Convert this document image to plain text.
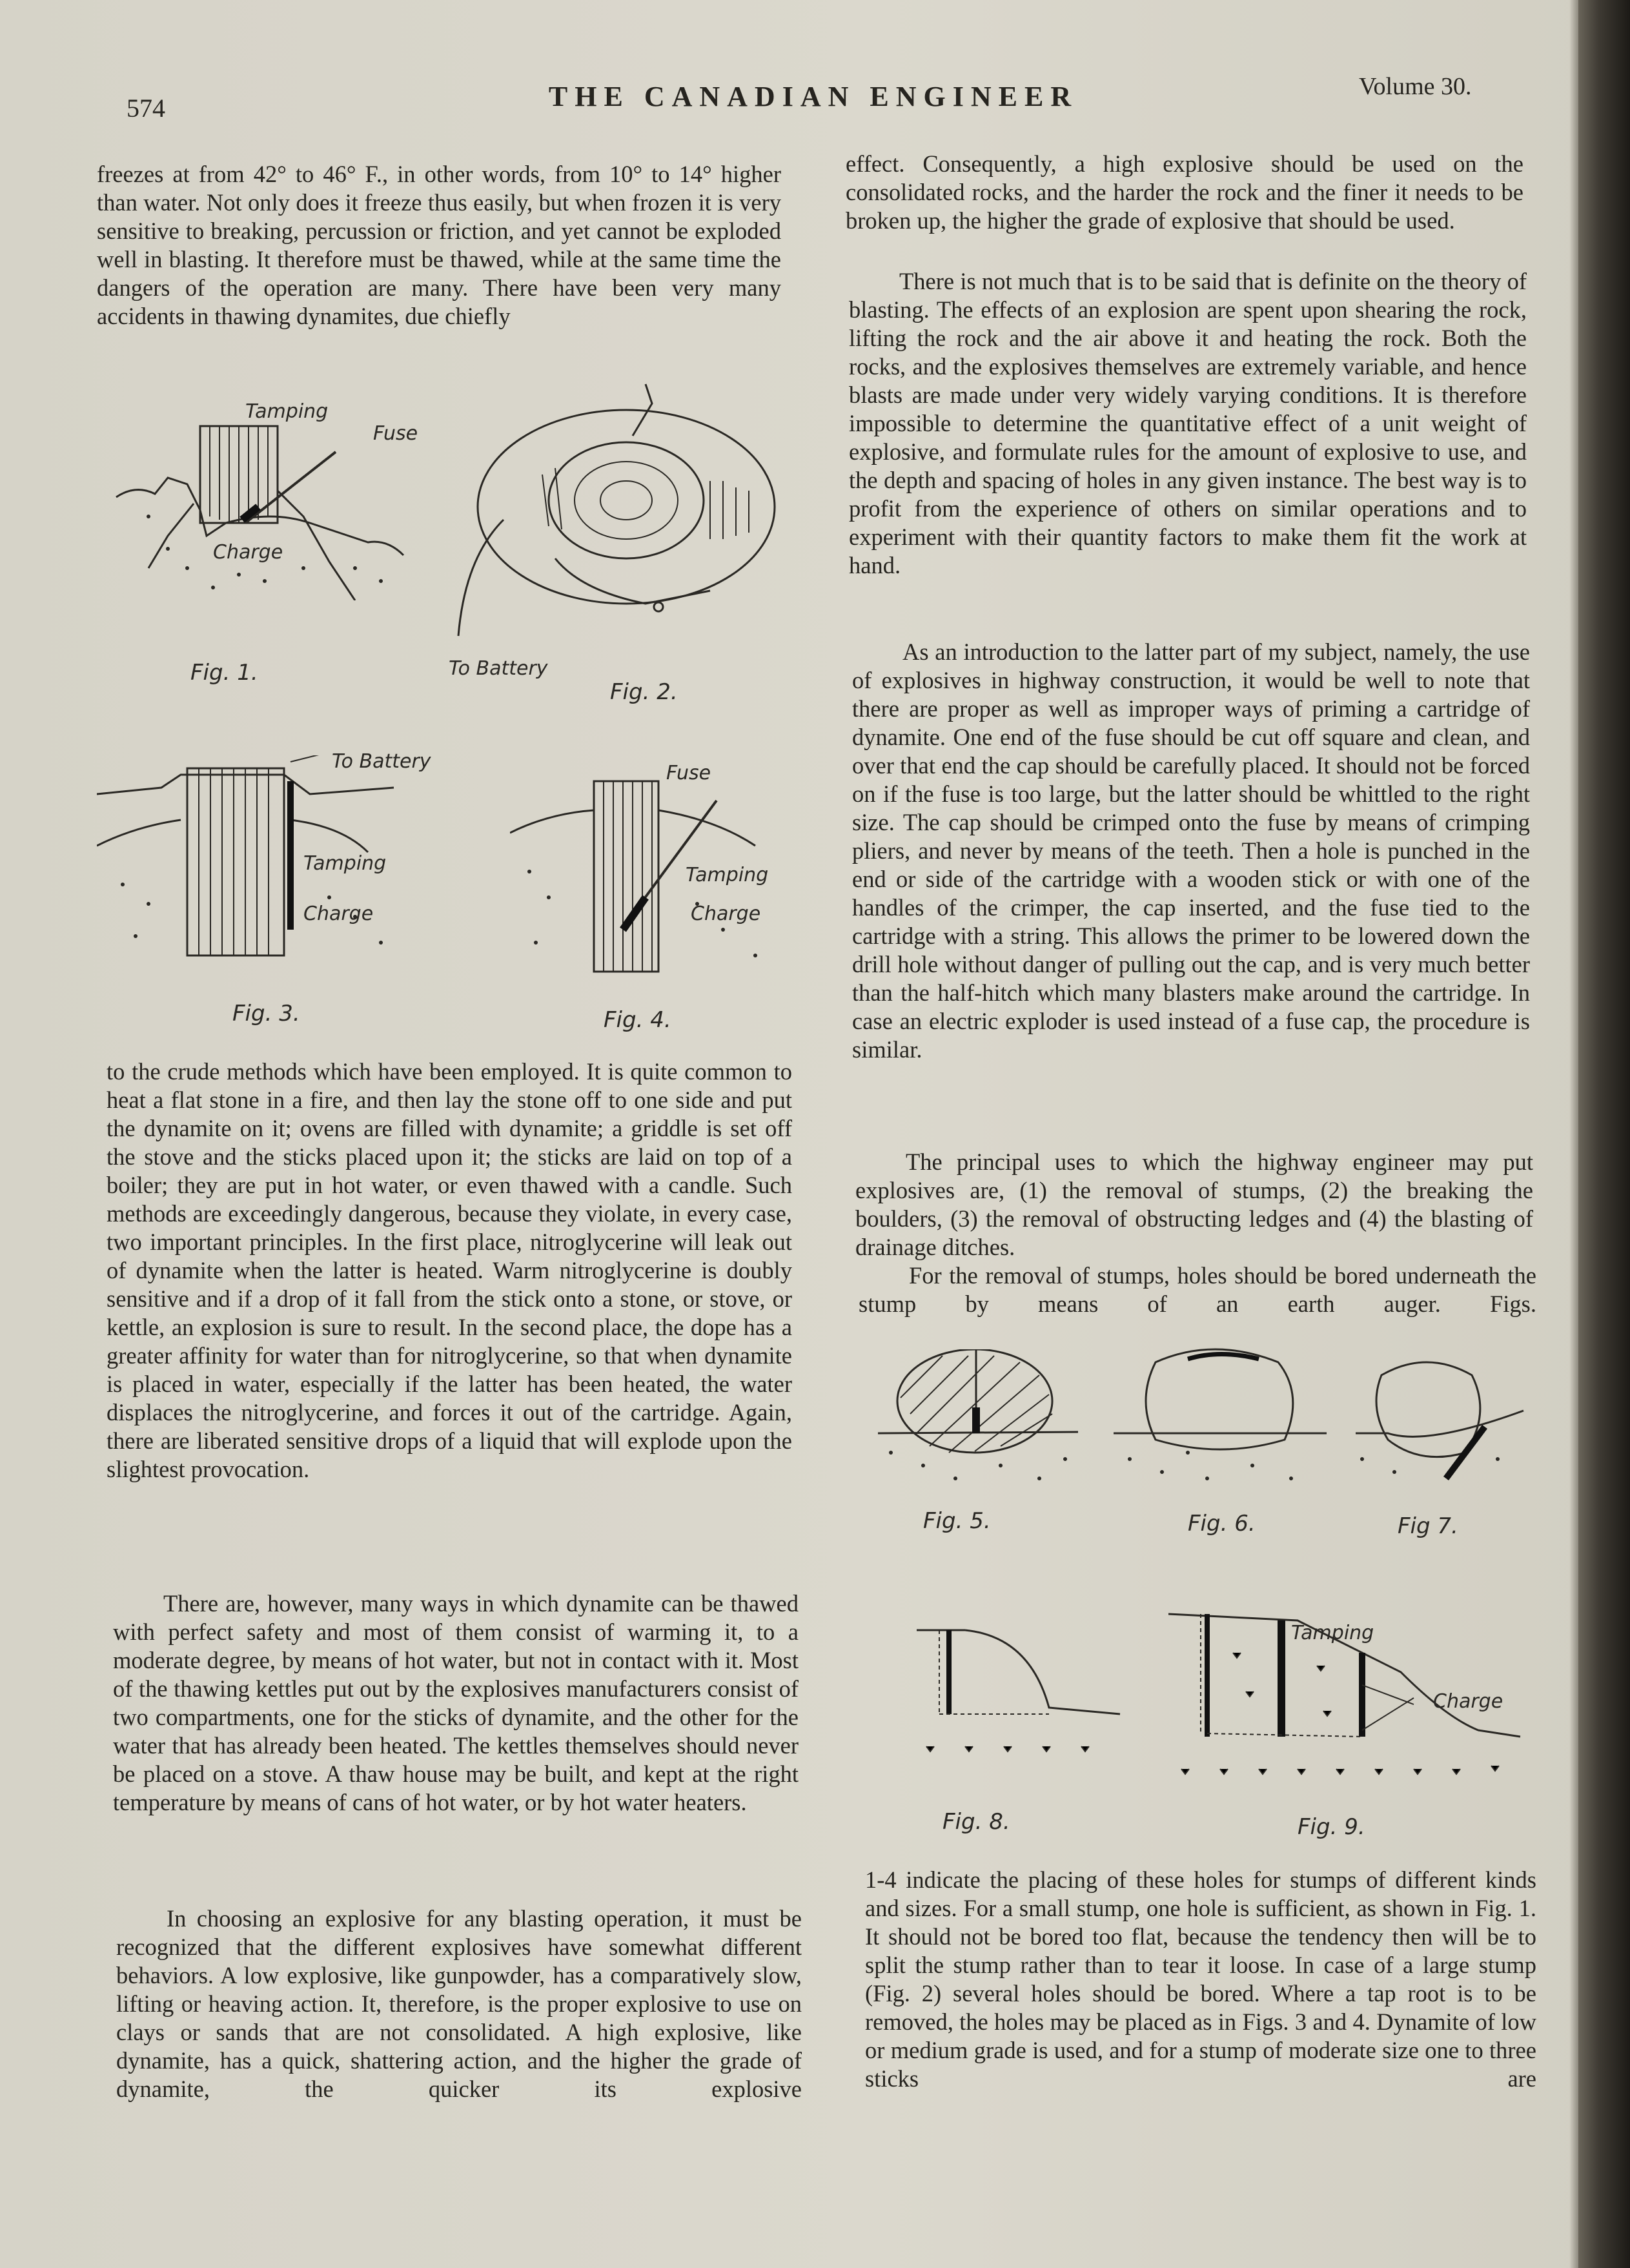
574	THE CANADIAN ENGINEER	Volume 30.

freezes at from 42° to 46° F., in other words, from 10° to 14° higher than water. Not only does it freeze thus easily, but when frozen it is very sensitive to breaking, percussion or friction, and yet cannot be exploded well in blasting. It therefore must be thawed, while at the same time the dangers of the operation are many. There have been very many accidents in thawing dynamites, due chiefly

Tamping
Fuse
Charge
Fig. 1.	To Battery
Fig. 2.
To Battery
Tamping
Charge
Fig. 3.
Fuse
Tamping
Charge
Fig. 4.

to the crude methods which have been employed. It is quite common to heat a flat stone in a fire, and then lay the stone off to one side and put the dynamite on it; ovens are filled with dynamite; a griddle is set off the stove and the sticks placed upon it; the sticks are laid on top of a boiler; they are put in hot water, or even thawed with a candle. Such methods are exceedingly dangerous, because they violate, in every case, two important principles. In the first place, nitroglycerine will leak out of dynamite when the latter is heated. Warm nitroglycerine is doubly sensitive and if a drop of it fall from the stick onto a stone, or stove, or kettle, an explosion is sure to result. In the second place, the dope has a greater affinity for water than for nitroglycerine, so that when dynamite is placed in water, especially if the latter has been heated, the water displaces the nitroglycerine, and forces it out of the cartridge. Again, there are liberated sensitive drops of a liquid that will explode upon the slightest provocation.

There are, however, many ways in which dynamite can be thawed with perfect safety and most of them consist of warming it, to a moderate degree, by means of hot water, but not in contact with it. Most of the thawing kettles put out by the explosives manufacturers consist of two compartments, one for the sticks of dynamite, and the other for the water that has already been heated. The kettles themselves should never be placed on a stove. A thaw house may be built, and kept at the right temperature by means of cans of hot water, or by hot water heaters.

In choosing an explosive for any blasting operation, it must be recognized that the different explosives have somewhat different behaviors. A low explosive, like gunpowder, has a comparatively slow, lifting or heaving action. It, therefore, is the proper explosive to use on clays or sands that are not consolidated. A high explosive, like dynamite, has a quick, shattering action, and the higher the grade of dynamite, the quicker its explosive

effect. Consequently, a high explosive should be used on the consolidated rocks, and the harder the rock and the finer it needs to be broken up, the higher the grade of explosive that should be used.

There is not much that is to be said that is definite on the theory of blasting. The effects of an explosion are spent upon shearing the rock, lifting the rock and the air above it and heating the rock. Both the rocks, and the explosives themselves are extremely variable, and hence blasts are made under very widely varying conditions. It is therefore impossible to determine the quantitative effect of a unit weight of explosive, and formulate rules for the amount of explosive to use, and the depth and spacing of holes in any given instance. The best way is to profit from the experience of others on similar operations and to experiment with their quantity factors to make them fit the work at hand.

As an introduction to the latter part of my subject, namely, the use of explosives in highway construction, it would be well to note that there are proper as well as improper ways of priming a cartridge of dynamite. One end of the fuse should be cut off square and clean, and over that end the cap should be carefully placed. It should not be forced on if the fuse is too large, but the latter should be whittled to the right size. The cap should be crimped onto the fuse by means of crimping pliers, and never by means of the teeth. Then a hole is punched in the end or side of the cartridge with a wooden stick or with one of the handles of the crimper, the cap inserted, and the fuse tied to the cartridge with a string. This allows the primer to be lowered down the drill hole without danger of pulling out the cap, and is very much better than the half-hitch which many blasters make around the cartridge. In case an electric exploder is used instead of a fuse cap, the procedure is similar.

The principal uses to which the highway engineer may put explosives are, (1) the removal of stumps, (2) the breaking the boulders, (3) the removal of obstructing ledges and (4) the blasting of drainage ditches.

For the removal of stumps, holes should be bored underneath the stump by means of an earth auger. Figs.

Fig. 5.	Fig. 6.	Fig 7.
Fig. 8.
Tamping
Charge
Fig. 9.

1-4 indicate the placing of these holes for stumps of different kinds and sizes. For a small stump, one hole is sufficient, as shown in Fig. 1. It should not be bored too flat, because the tendency then will be to split the stump rather than to tear it loose. In case of a large stump (Fig. 2) several holes should be bored. Where a tap root is to be removed, the holes may be placed as in Figs. 3 and 4. Dynamite of low or medium grade is used, and for a stump of moderate size one to three sticks are
